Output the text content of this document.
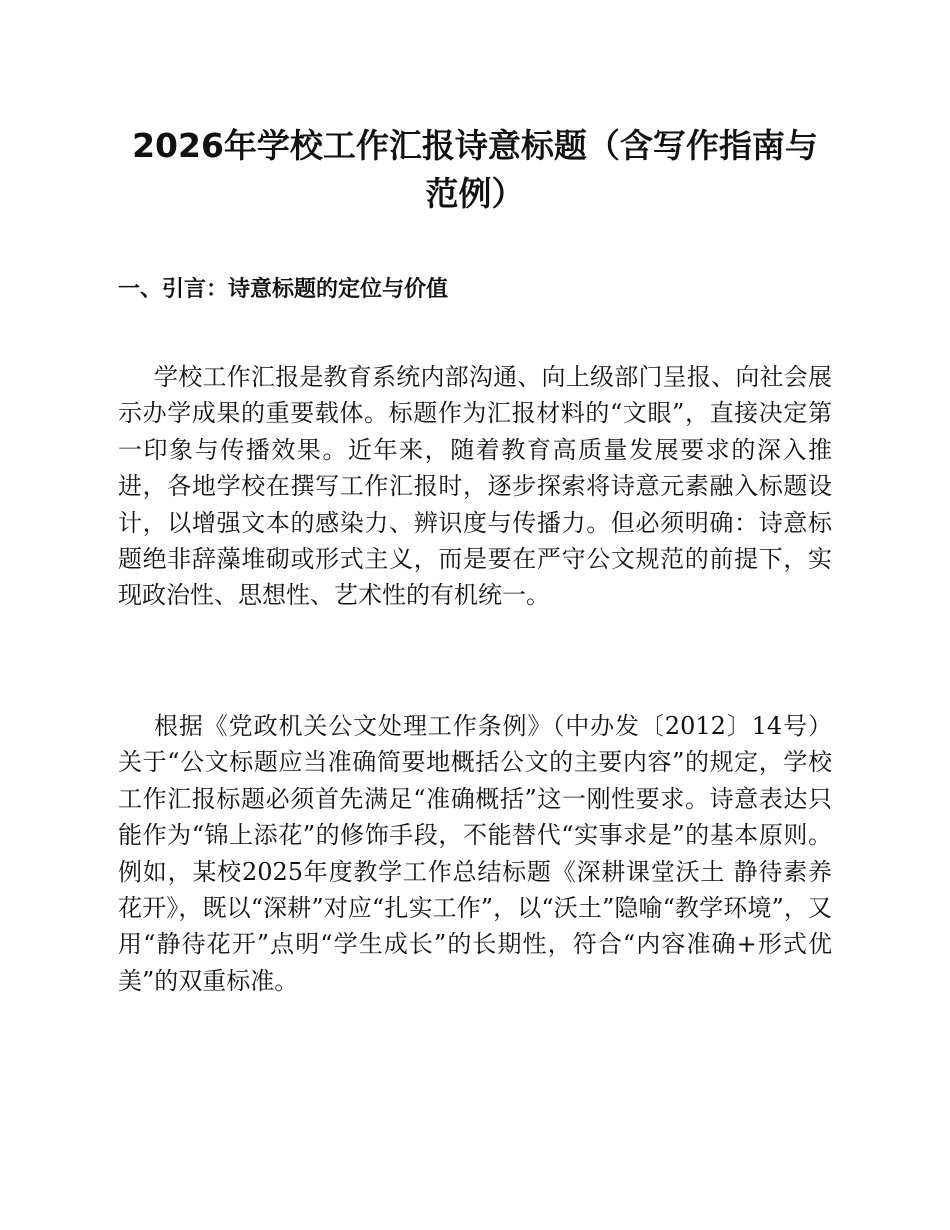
2026年学校工作汇报诗意标题（含写作指南与范例）
一、引言：诗意标题的定位与价值

学校工作汇报是教育系统内部沟通、向上级部门呈报、向社会展示办学成果的重要载体。标题作为汇报材料的“文眼”，直接决定第一印象与传播效果。近年来，随着教育高质量发展要求的深入推进，各地学校在撰写工作汇报时，逐步探索将诗意元素融入标题设计，以增强文本的感染力、辨识度与传播力。但必须明确：诗意标题绝非辞藻堆砌或形式主义，而是要在严守公文规范的前提下，实现政治性、思想性、艺术性的有机统一。

根据《党政机关公文处理工作条例》（中办发〔2012〕14号）关于“公文标题应当准确简要地概括公文的主要内容”的规定，学校工作汇报标题必须首先满足“准确概括”这一刚性要求。诗意表达只能作为“锦上添花”的修饰手段，不能替代“实事求是”的基本原则。例如，某校2025年度教学工作总结标题《深耕课堂沃土 静待素养花开》，既以“深耕”对应“扎实工作”，以“沃土”隐喻“教学环境”，又用“静待花开”点明“学生成长”的长期性，符合“内容准确+形式优美”的双重标准。
